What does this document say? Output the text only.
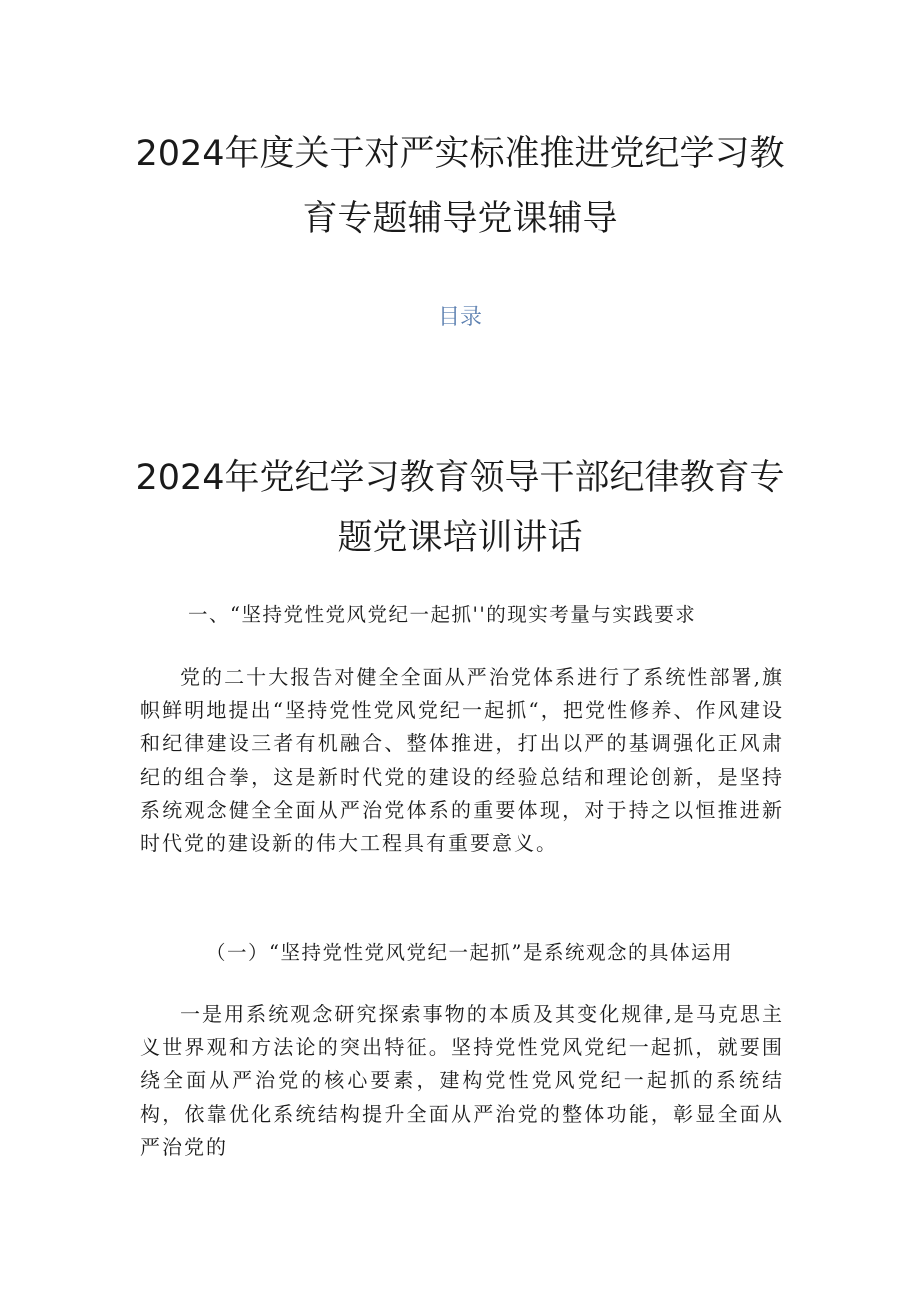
2024年度关于对严实标准推进党纪学习教育专题辅导党课辅导

目录

2024年党纪学习教育领导干部纪律教育专题党课培训讲话

一、“坚持党性党风党纪一起抓''的现实考量与实践要求

党的二十大报告对健全全面从严治党体系进行了系统性部署,旗帜鲜明地提出“坚持党性党风党纪一起抓“，把党性修养、作风建设和纪律建设三者有机融合、整体推进，打出以严的基调强化正风肃纪的组合拳，这是新时代党的建设的经验总结和理论创新，是坚持系统观念健全全面从严治党体系的重要体现，对于持之以恒推进新时代党的建设新的伟大工程具有重要意义。

（一）“坚持党性党风党纪一起抓”是系统观念的具体运用

一是用系统观念研究探索事物的本质及其变化规律,是马克思主义世界观和方法论的突出特征。坚持党性党风党纪一起抓，就要围绕全面从严治党的核心要素，建构党性党风党纪一起抓的系统结构，依靠优化系统结构提升全面从严治党的整体功能，彰显全面从严治党的
